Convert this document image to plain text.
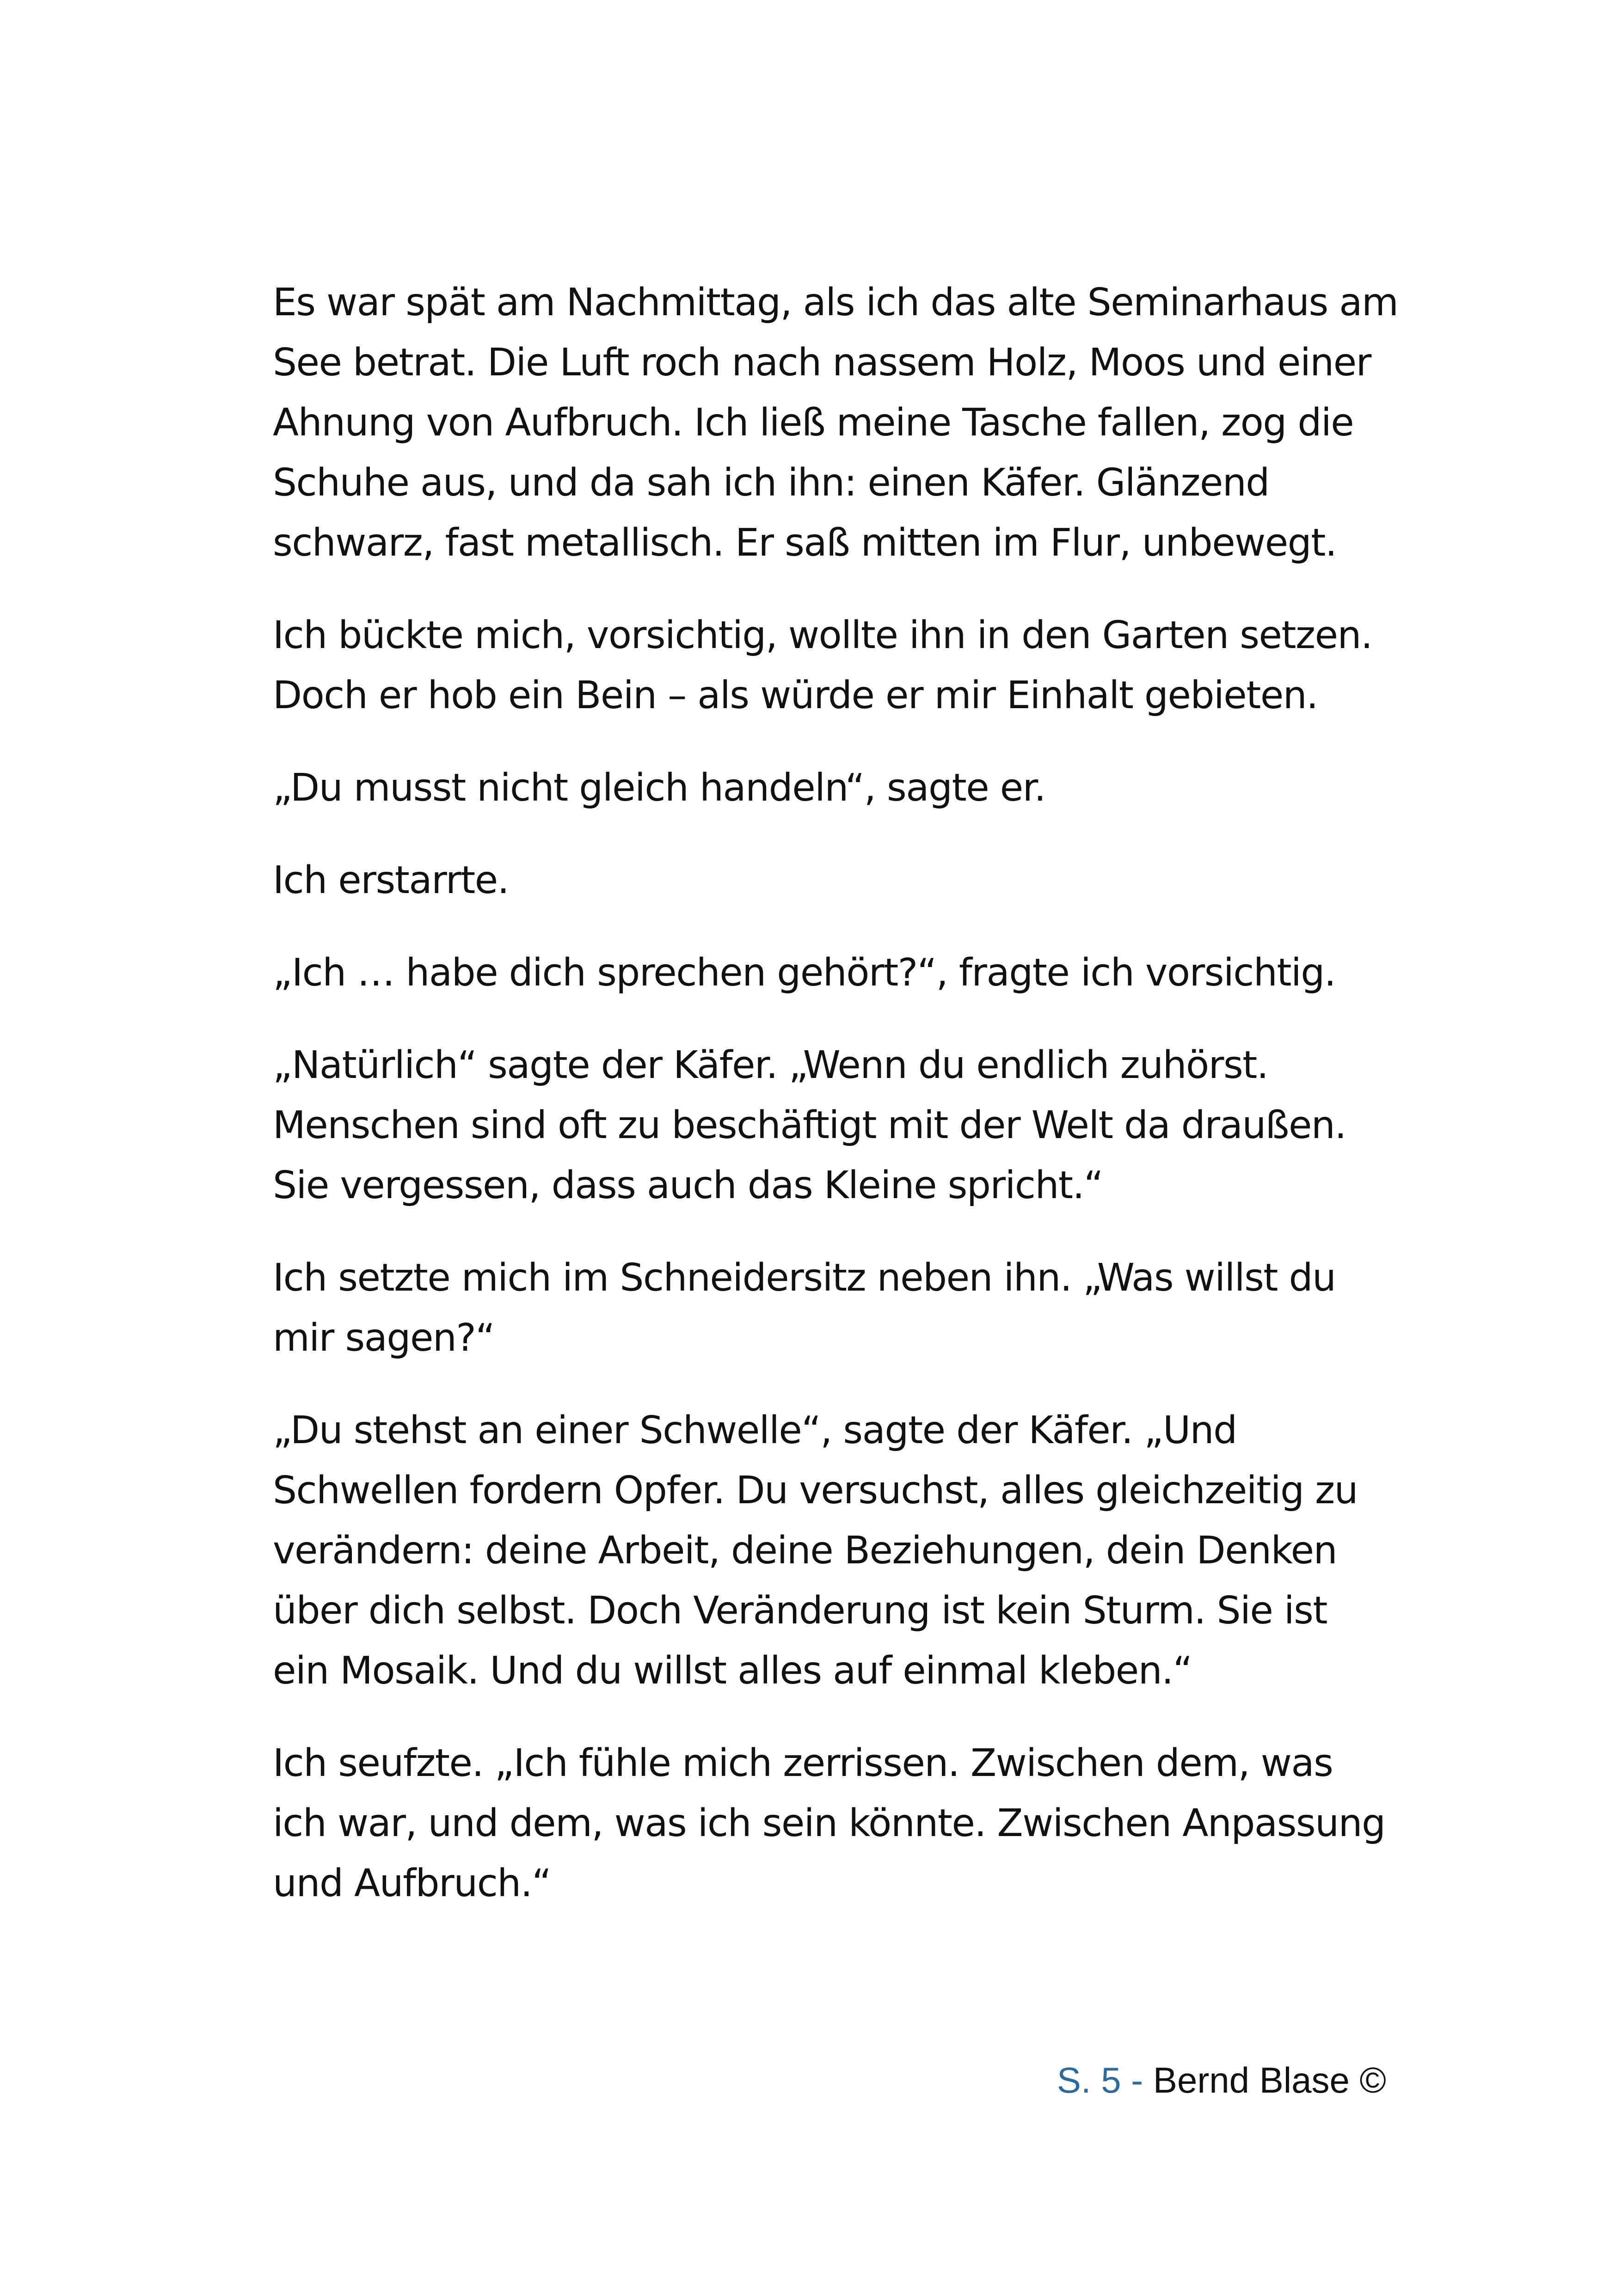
Es war spät am Nachmittag, als ich das alte Seminarhaus am
See betrat. Die Luft roch nach nassem Holz, Moos und einer
Ahnung von Aufbruch. Ich ließ meine Tasche fallen, zog die
Schuhe aus, und da sah ich ihn: einen Käfer. Glänzend
schwarz, fast metallisch. Er saß mitten im Flur, unbewegt.
Ich bückte mich, vorsichtig, wollte ihn in den Garten setzen.
Doch er hob ein Bein – als würde er mir Einhalt gebieten.
„Du musst nicht gleich handeln“, sagte er.
Ich erstarrte.
„Ich … habe dich sprechen gehört?“, fragte ich vorsichtig.
„Natürlich“ sagte der Käfer. „Wenn du endlich zuhörst.
Menschen sind oft zu beschäftigt mit der Welt da draußen.
Sie vergessen, dass auch das Kleine spricht.“
Ich setzte mich im Schneidersitz neben ihn. „Was willst du
mir sagen?“
„Du stehst an einer Schwelle“, sagte der Käfer. „Und
Schwellen fordern Opfer. Du versuchst, alles gleichzeitig zu
verändern: deine Arbeit, deine Beziehungen, dein Denken
über dich selbst. Doch Veränderung ist kein Sturm. Sie ist
ein Mosaik. Und du willst alles auf einmal kleben.“
Ich seufzte. „Ich fühle mich zerrissen. Zwischen dem, was
ich war, und dem, was ich sein könnte. Zwischen Anpassung
und Aufbruch.“
S. 5 - Bernd Blase ©
